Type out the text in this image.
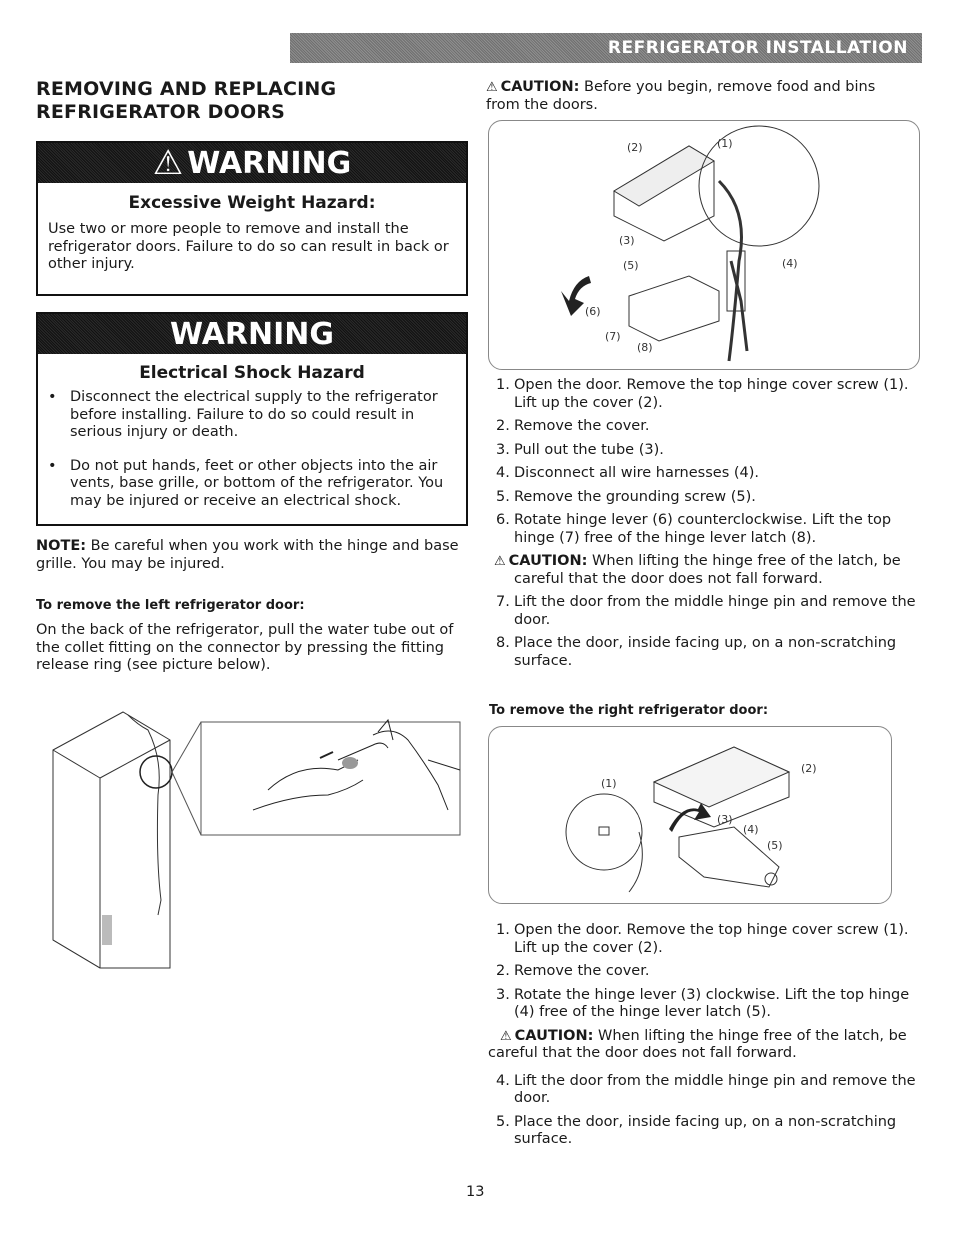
REFRIGERATOR INSTALLATION
REMOVING AND REPLACING
REFRIGERATOR DOORS
⚠ WARNING
Excessive Weight Hazard:
Use two or more people to remove and install the refrigerator doors. Failure to do so can result in back or other injury.
WARNING
Electrical Shock Hazard
• Disconnect the electrical supply to the refrigerator before installing. Failure to do so could result in serious injury or death.
• Do not put hands, feet or other objects into the air vents, base grille, or bottom of the refrigerator. You may be injured or receive an electrical shock.
NOTE: Be careful when you work with the hinge and base grille. You may be injured.
To remove the left refrigerator door:
On the back of the refrigerator, pull the water tube out of the collet fitting on the connector by pressing the fitting release ring (see picture below).
⚠ CAUTION: Before you begin, remove food and bins from the doors.
(2)	(1)
(3)
(4)
(5)
(6)
(7)
(8)
1. Open the door. Remove the top hinge cover screw (1). Lift up the cover (2).
2. Remove the cover.
3. Pull out the tube (3).
4. Disconnect all wire harnesses (4).
5. Remove the grounding screw (5).
6. Rotate hinge lever (6) counterclockwise. Lift the top hinge (7) free of the hinge lever latch (8).
⚠ CAUTION: When lifting the hinge free of the latch, be careful that the door does not fall forward.
7. Lift the door from the middle hinge pin and remove the door.
8. Place the door, inside facing up, on a non-scratching surface.
To remove the right refrigerator door:
(1)
(2)
(3)
(4)
(5)
1. Open the door. Remove the top hinge cover screw (1). Lift up the cover (2).
2. Remove the cover.
3. Rotate the hinge lever (3) clockwise. Lift the top hinge (4) free of the hinge lever latch (5).
⚠ CAUTION: When lifting the hinge free of the latch, be careful that the door does not fall forward.
4. Lift the door from the middle hinge pin and remove the door.
5. Place the door, inside facing up, on a non-scratching surface.
13
